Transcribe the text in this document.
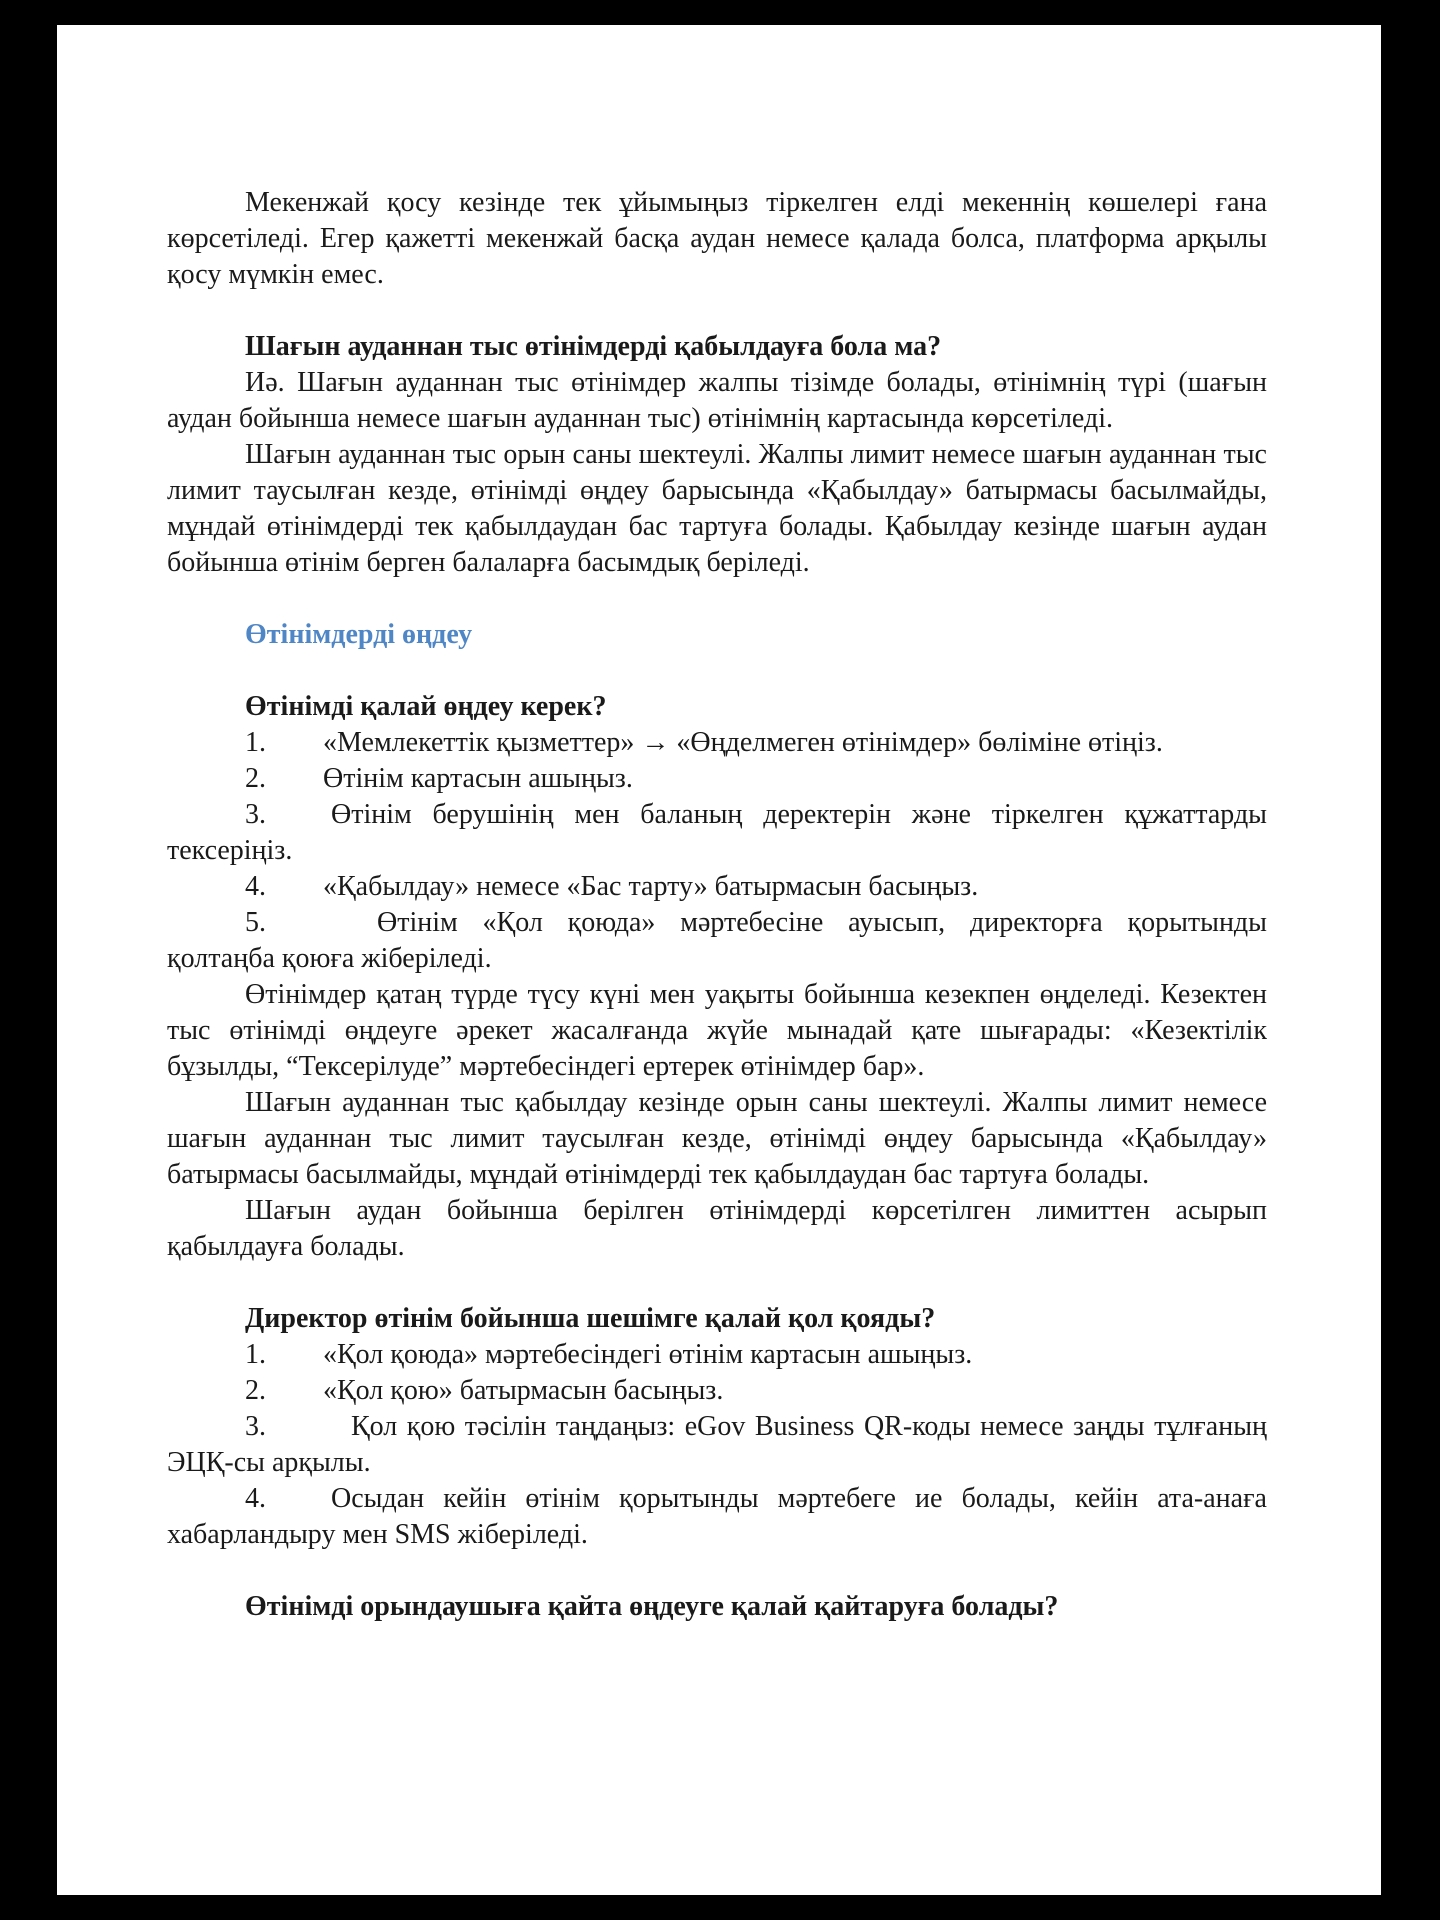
Мекенжай қосу кезінде тек ұйымыңыз тіркелген елді мекеннің көшелері ғана көрсетіледі. Егер қажетті мекенжай басқа аудан немесе қалада болса, платформа арқылы қосу мүмкін емес.

Шағын ауданнан тыс өтінімдерді қабылдауға бола ма?

Иә. Шағын ауданнан тыс өтінімдер жалпы тізімде болады, өтінімнің түрі (шағын аудан бойынша немесе шағын ауданнан тыс) өтінімнің картасында көрсетіледі.

Шағын ауданнан тыс орын саны шектеулі. Жалпы лимит немесе шағын ауданнан тыс лимит таусылған кезде, өтінімді өңдеу барысында «Қабылдау» батырмасы басылмайды, мұндай өтінімдерді тек қабылдаудан бас тартуға болады. Қабылдау кезінде шағын аудан бойынша өтінім берген балаларға басымдық беріледі.

Өтінімдерді өңдеу

Өтінімді қалай өңдеу керек?

1. «Мемлекеттік қызметтер» → «Өңделмеген өтінімдер» бөліміне өтіңіз.

2. Өтінім картасын ашыңыз.

3. Өтінім берушінің мен баланың деректерін және тіркелген құжаттарды тексеріңіз.

4. «Қабылдау» немесе «Бас тарту» батырмасын басыңыз.

5.	Өтінім «Қол қоюда» мәртебесіне ауысып, директорға қорытынды қолтаңба қоюға жіберіледі.

Өтінімдер қатаң түрде түсу күні мен уақыты бойынша кезекпен өңделеді. Кезектен тыс өтінімді өңдеуге әрекет жасалғанда жүйе мынадай қате шығарады: «Кезектілік бұзылды, “Тексерілуде” мәртебесіндегі ертерек өтінімдер бар».

Шағын ауданнан тыс қабылдау кезінде орын саны шектеулі. Жалпы лимит немесе шағын ауданнан тыс лимит таусылған кезде, өтінімді өңдеу барысында «Қабылдау» батырмасы басылмайды, мұндай өтінімдерді тек қабылдаудан бас тартуға болады.

Шағын аудан бойынша берілген өтінімдерді көрсетілген лимиттен асырып қабылдауға болады.

Директор өтінім бойынша шешімге қалай қол қояды?

1. «Қол қоюда» мәртебесіндегі өтінім картасын ашыңыз.

2. «Қол қою» батырмасын басыңыз.

3.	Қол қою тәсілін таңдаңыз: eGov Business QR-коды немесе заңды тұлғаның ЭЦҚ-сы арқылы.

4. Осыдан кейін өтінім қорытынды мәртебеге ие болады, кейін ата-анаға хабарландыру мен SMS жіберіледі.

Өтінімді орындаушыға қайта өңдеуге қалай қайтаруға болады?
